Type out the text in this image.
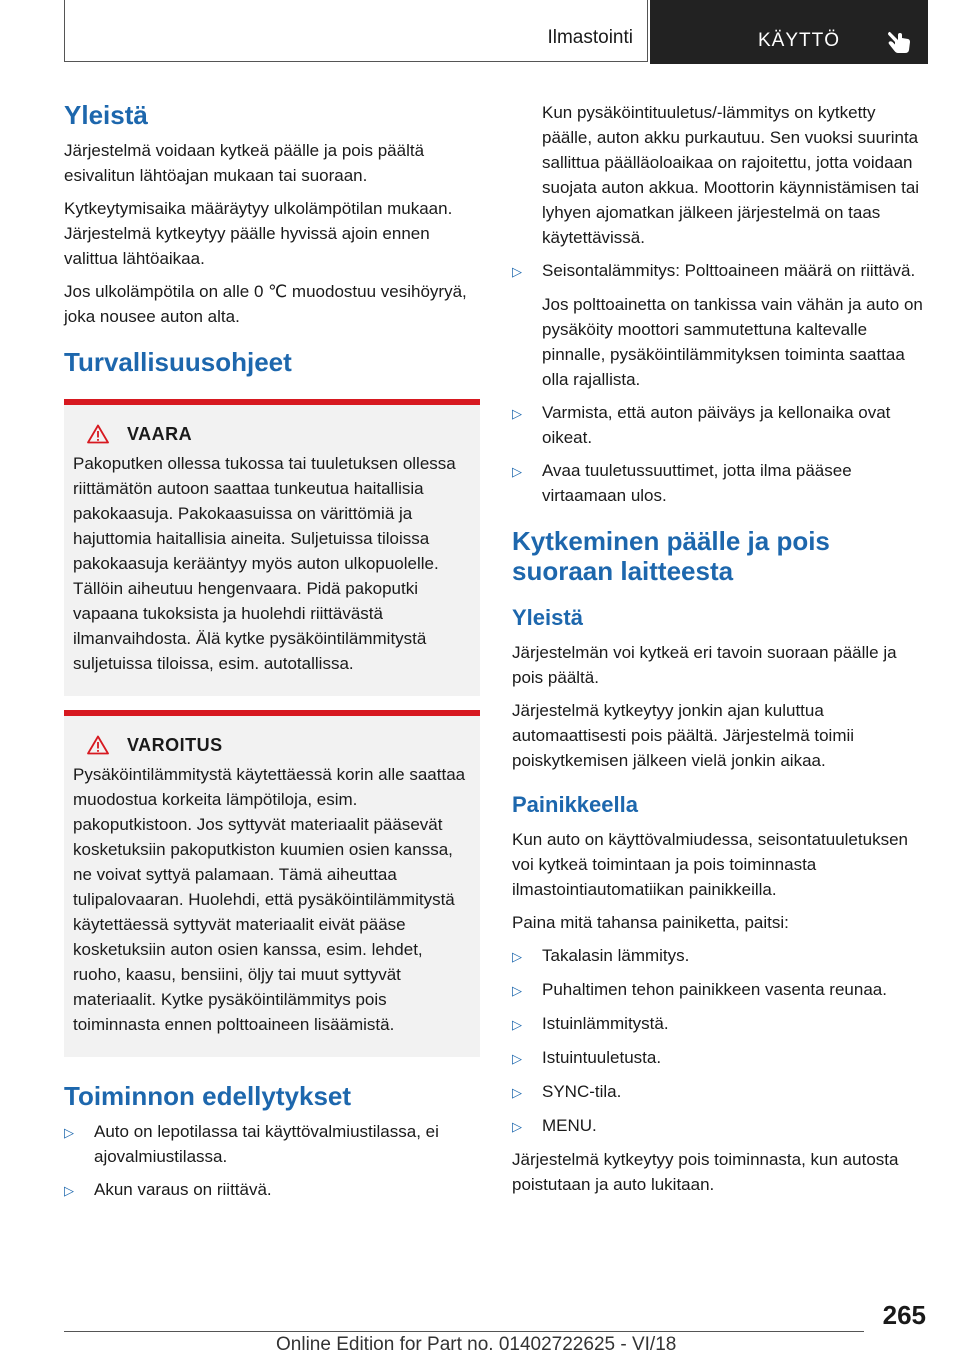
Ilmastointi	KÄYTTÖ
Yleistä

Järjestelmä voidaan kytkeä päälle ja pois päältä esivalitun lähtöajan mukaan tai suoraan.

Kytkeytymisaika määräytyy ulkolämpötilan mukaan. Järjestelmä kytkeytyy päälle hyvissä ajoin ennen valittua lähtöaikaa.

Jos ulkolämpötila on alle 0 ℃ muodostuu vesihöyryä, joka nousee auton alta.

Turvallisuusohjeet
VAARA

Pakoputken ollessa tukossa tai tuuletuksen ollessa riittämätön autoon saattaa tunkeutua haitallisia pakokaasuja. Pakokaasuissa on värittömiä ja hajuttomia haitallisia aineita. Suljetuissa tiloissa pakokaasuja kerääntyy myös auton ulkopuolelle. Tällöin aiheutuu hengenvaara. Pidä pakoputki vapaana tukoksista ja huolehdi riittävästä ilmanvaihdosta. Älä kytke pysäköintilämmitystä suljetuissa tiloissa, esim. autotallissa.

VAROITUS

Pysäköintilämmitystä käytettäessä korin alle saattaa muodostua korkeita lämpötiloja, esim. pakoputkistoon. Jos syttyvät materiaalit pääsevät kosketuksiin pakoputkiston kuumien osien kanssa, ne voivat syttyä palamaan. Tämä aiheuttaa tulipalovaaran. Huolehdi, että pysäköintilämmitystä käytettäessä syttyvät materiaalit eivät pääse kosketuksiin auton osien kanssa, esim. lehdet, ruoho, kaasu, bensiini, öljy tai muut syttyvät materiaalit. Kytke pysäköintilämmitys pois toiminnasta ennen polttoaineen lisäämistä.

Toiminnon edellytykset
▷	Auto on lepotilassa tai käyttövalmiustilassa, ei ajovalmiustilassa.
▷	Akun varaus on riittävä.

Kun pysäköintituuletus/-lämmitys on kytketty päälle, auton akku purkautuu. Sen vuoksi suurinta sallittua päälläoloaikaa on rajoitettu, jotta voidaan suojata auton akkua. Moottorin käynnistämisen tai lyhyen ajomatkan jälkeen järjestelmä on taas käytettävissä.

▷	Seisontalämmitys: Polttoaineen määrä on riittävä.

Jos polttoainetta on tankissa vain vähän ja auto on pysäköity moottori sammutettuna kaltevalle pinnalle, pysäköintilämmityksen toiminta saattaa olla rajallista.

▷	Varmista, että auton päiväys ja kellonaika ovat oikeat.
▷	Avaa tuuletussuuttimet, jotta ilma pääsee virtaamaan ulos.
Kytkeminen päälle ja pois suoraan laitteesta
Yleistä

Järjestelmän voi kytkeä eri tavoin suoraan päälle ja pois päältä.

Järjestelmä kytkeytyy jonkin ajan kuluttua automaattisesti pois päältä. Järjestelmä toimii poiskytkemisen jälkeen vielä jonkin aikaa.

Painikkeella

Kun auto on käyttövalmiudessa, seisontatuuletuksen voi kytkeä toimintaan ja pois toiminnasta ilmastointiautomatiikan painikkeilla.

Paina mitä tahansa painiketta, paitsi:

▷	Takalasin lämmitys.
▷	Puhaltimen tehon painikkeen vasenta reunaa.
▷	Istuinlämmitystä.
▷	Istuintuuletusta.
▷	SYNC-tila.
▷	MENU.

Järjestelmä kytkeytyy pois toiminnasta, kun autosta poistutaan ja auto lukitaan.

265
Online Edition for Part no. 01402722625 - VI/18
